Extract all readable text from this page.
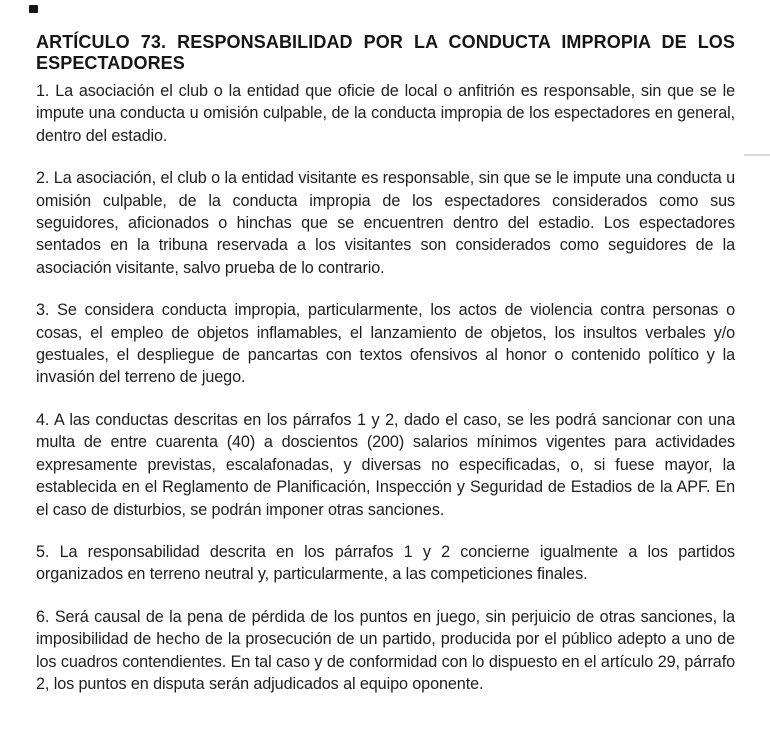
ARTÍCULO 73. RESPONSABILIDAD POR LA CONDUCTA IMPROPIA DE LOS ESPECTADORES

1. La asociación el club o la entidad que oficie de local o anfitrión es responsable, sin que se le impute una conducta u omisión culpable, de la conducta impropia de los espectadores en general, dentro del estadio.

2. La asociación, el club o la entidad visitante es responsable, sin que se le impute una conducta u omisión culpable, de la conducta impropia de los espectadores considerados como sus seguidores, aficionados o hinchas que se encuentren dentro del estadio. Los espectadores sentados en la tribuna reservada a los visitantes son considerados como seguidores de la asociación visitante, salvo prueba de lo contrario.

3. Se considera conducta impropia, particularmente, los actos de violencia contra personas o cosas, el empleo de objetos inflamables, el lanzamiento de objetos, los insultos verbales y/o gestuales, el despliegue de pancartas con textos ofensivos al honor o contenido político y la invasión del terreno de juego.

4. A las conductas descritas en los párrafos 1 y 2, dado el caso, se les podrá sancionar con una multa de entre cuarenta (40) a doscientos (200) salarios mínimos vigentes para actividades expresamente previstas, escalafonadas, y diversas no especificadas, o, si fuese mayor, la establecida en el Reglamento de Planificación, Inspección y Seguridad de Estadios de la APF. En el caso de disturbios, se podrán imponer otras sanciones.

5. La responsabilidad descrita en los párrafos 1 y 2 concierne igualmente a los partidos organizados en terreno neutral y, particularmente, a las competiciones finales.

6. Será causal de la pena de pérdida de los puntos en juego, sin perjuicio de otras sanciones, la imposibilidad de hecho de la prosecución de un partido, producida por el público adepto a uno de los cuadros contendientes. En tal caso y de conformidad con lo dispuesto en el artículo 29, párrafo 2, los puntos en disputa serán adjudicados al equipo oponente.
